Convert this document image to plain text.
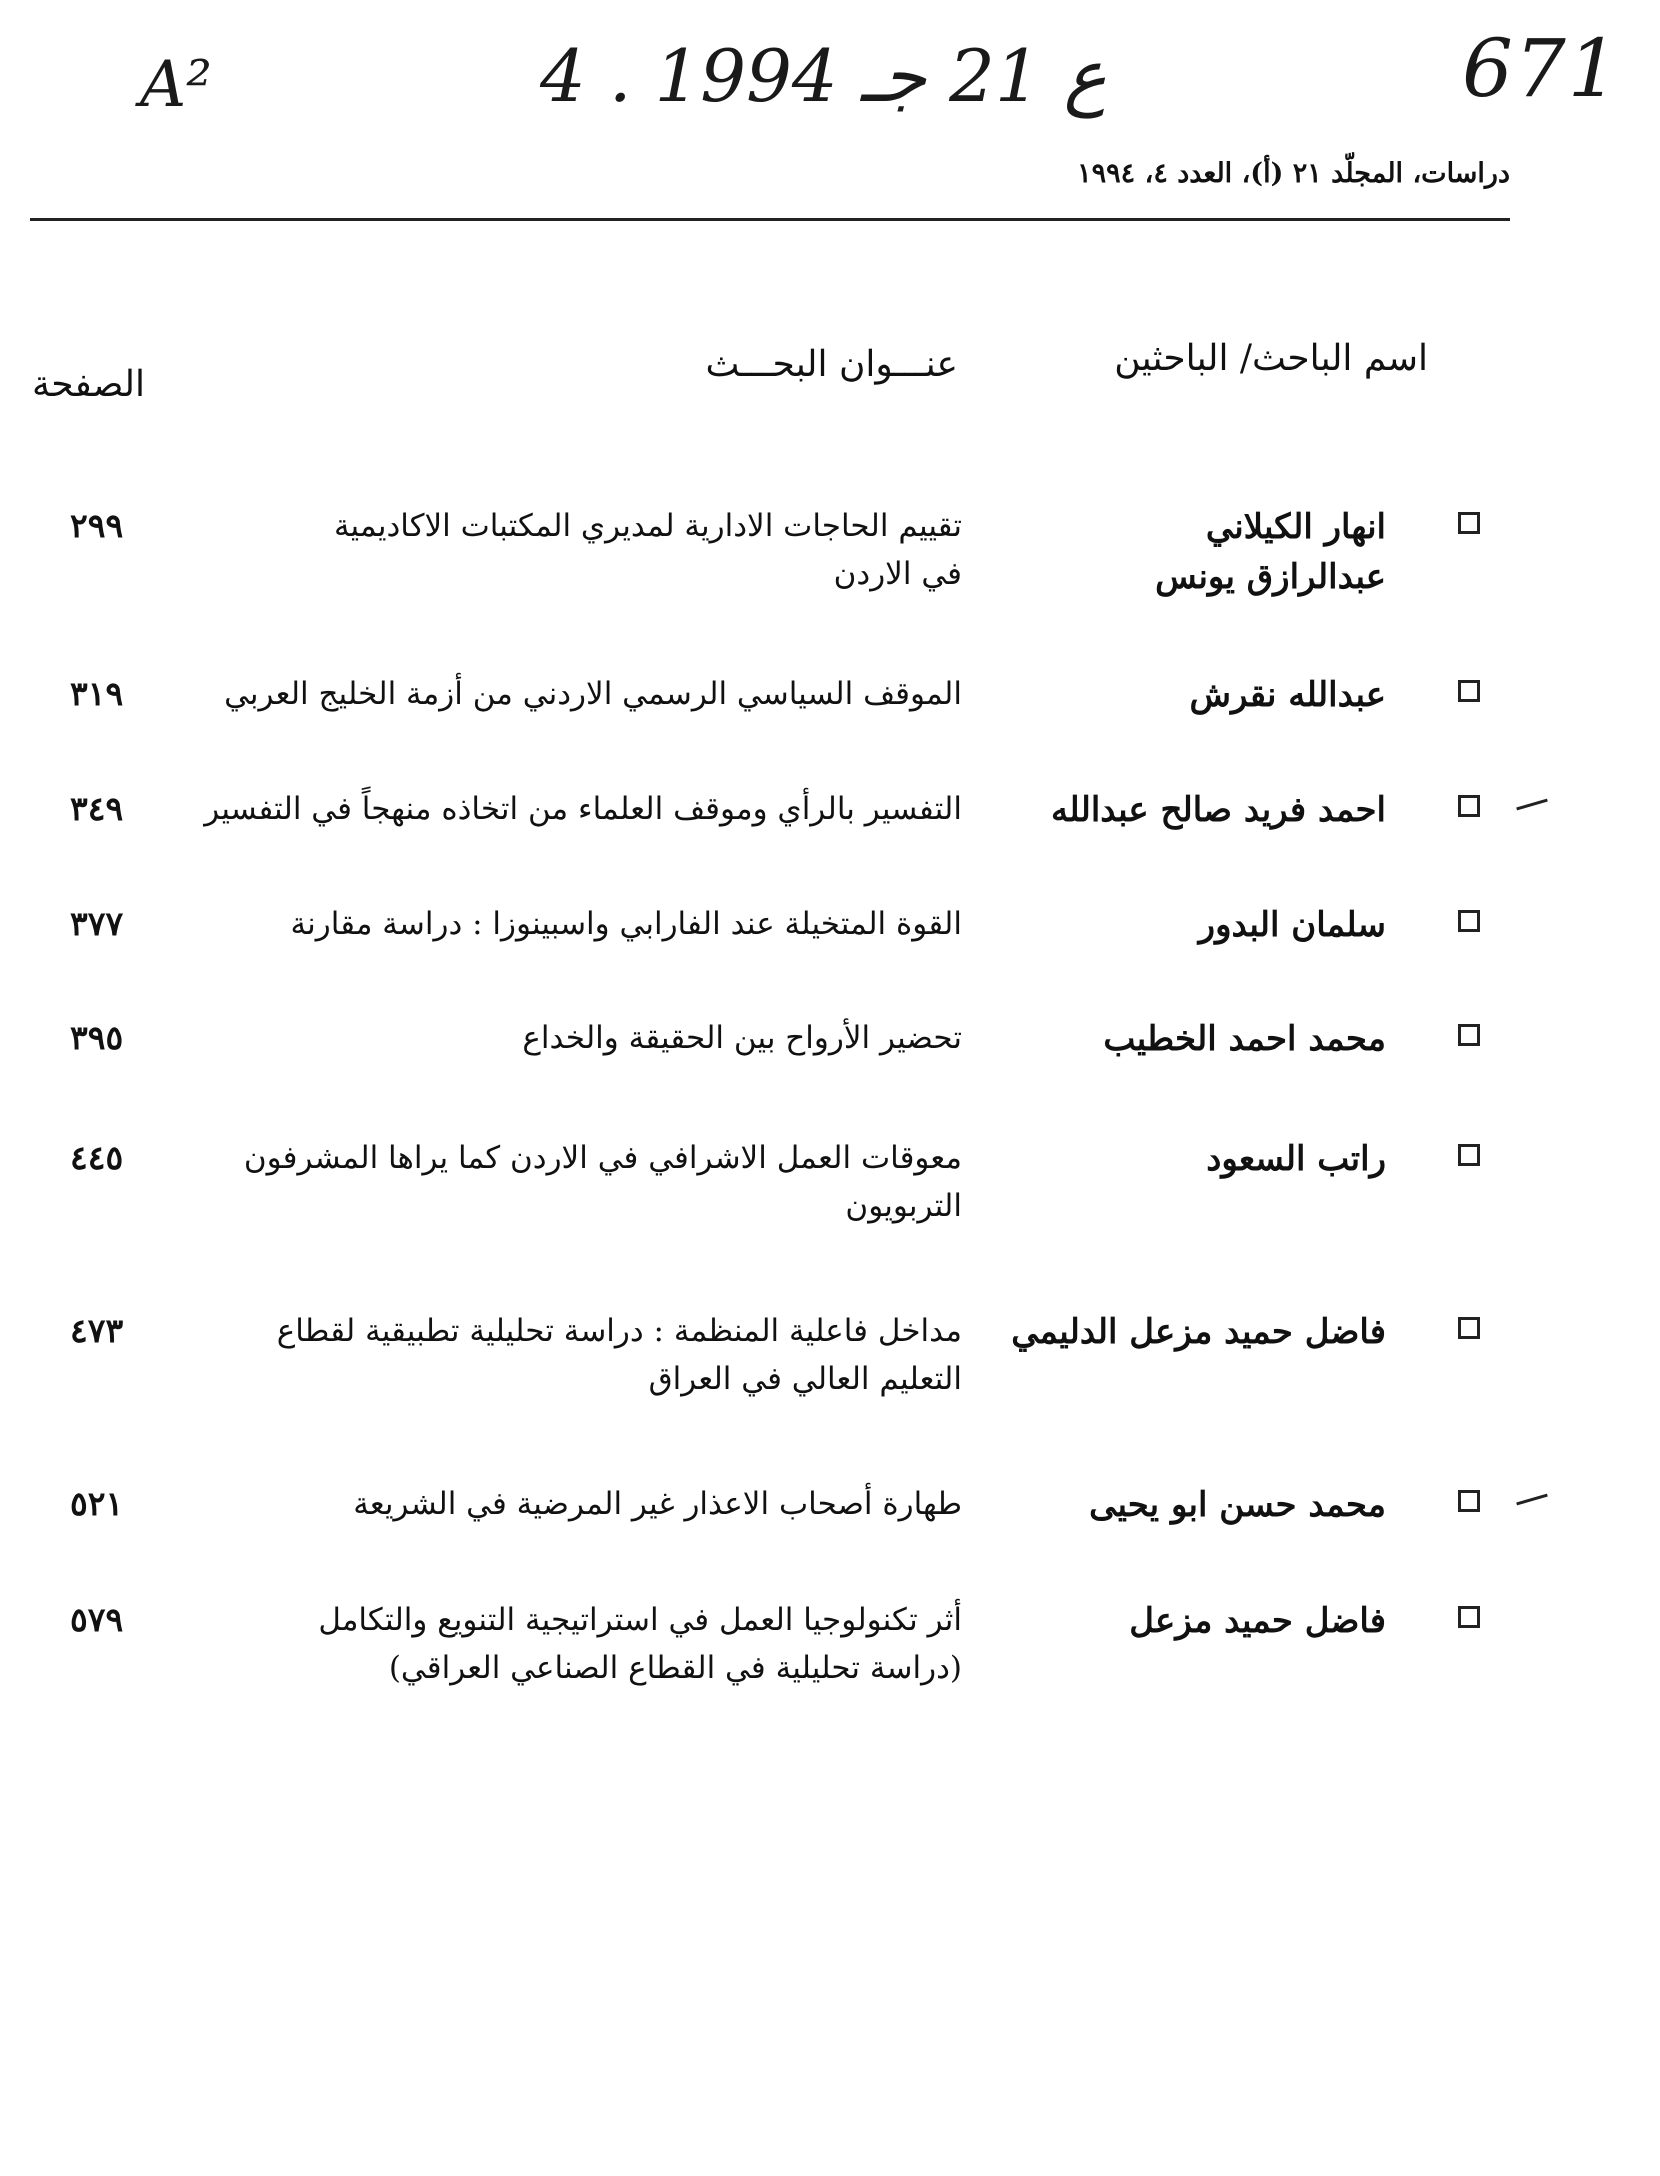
A²	4 . ع 21 جـ 1994	671
دراسات، المجلّد ٢١ (أ)، العدد ٤، ١٩٩٤
اسم الباحث/ الباحثين
عنـــوان البحـــث
الصفحة
انهار الكيلاني
عبدالرازق يونس
تقييم الحاجات الادارية لمديري المكتبات الاكاديمية
في الاردن
٢٩٩
عبدالله نقرش
الموقف السياسي الرسمي الاردني من أزمة الخليج العربي
٣١٩
احمد فريد صالح عبدالله
التفسير بالرأي وموقف العلماء من اتخاذه منهجاً في التفسير
٣٤٩
سلمان البدور
القوة المتخيلة عند الفارابي واسبينوزا : دراسة مقارنة
٣٧٧
محمد احمد الخطيب
تحضير الأرواح بين الحقيقة والخداع
٣٩٥
راتب السعود
معوقات العمل الاشرافي في الاردن كما يراها المشرفون
التربويون
٤٤٥
فاضل حميد مزعل الدليمي
مداخل فاعلية المنظمة : دراسة تحليلية تطبيقية لقطاع
التعليم العالي في العراق
٤٧٣
محمد حسن ابو يحيى
طهارة أصحاب الاعذار غير المرضية في الشريعة
٥٢١
فاضل حميد مزعل
أثر تكنولوجيا العمل في استراتيجية التنويع والتكامل
(دراسة تحليلية في القطاع الصناعي العراقي)
٥٧٩
